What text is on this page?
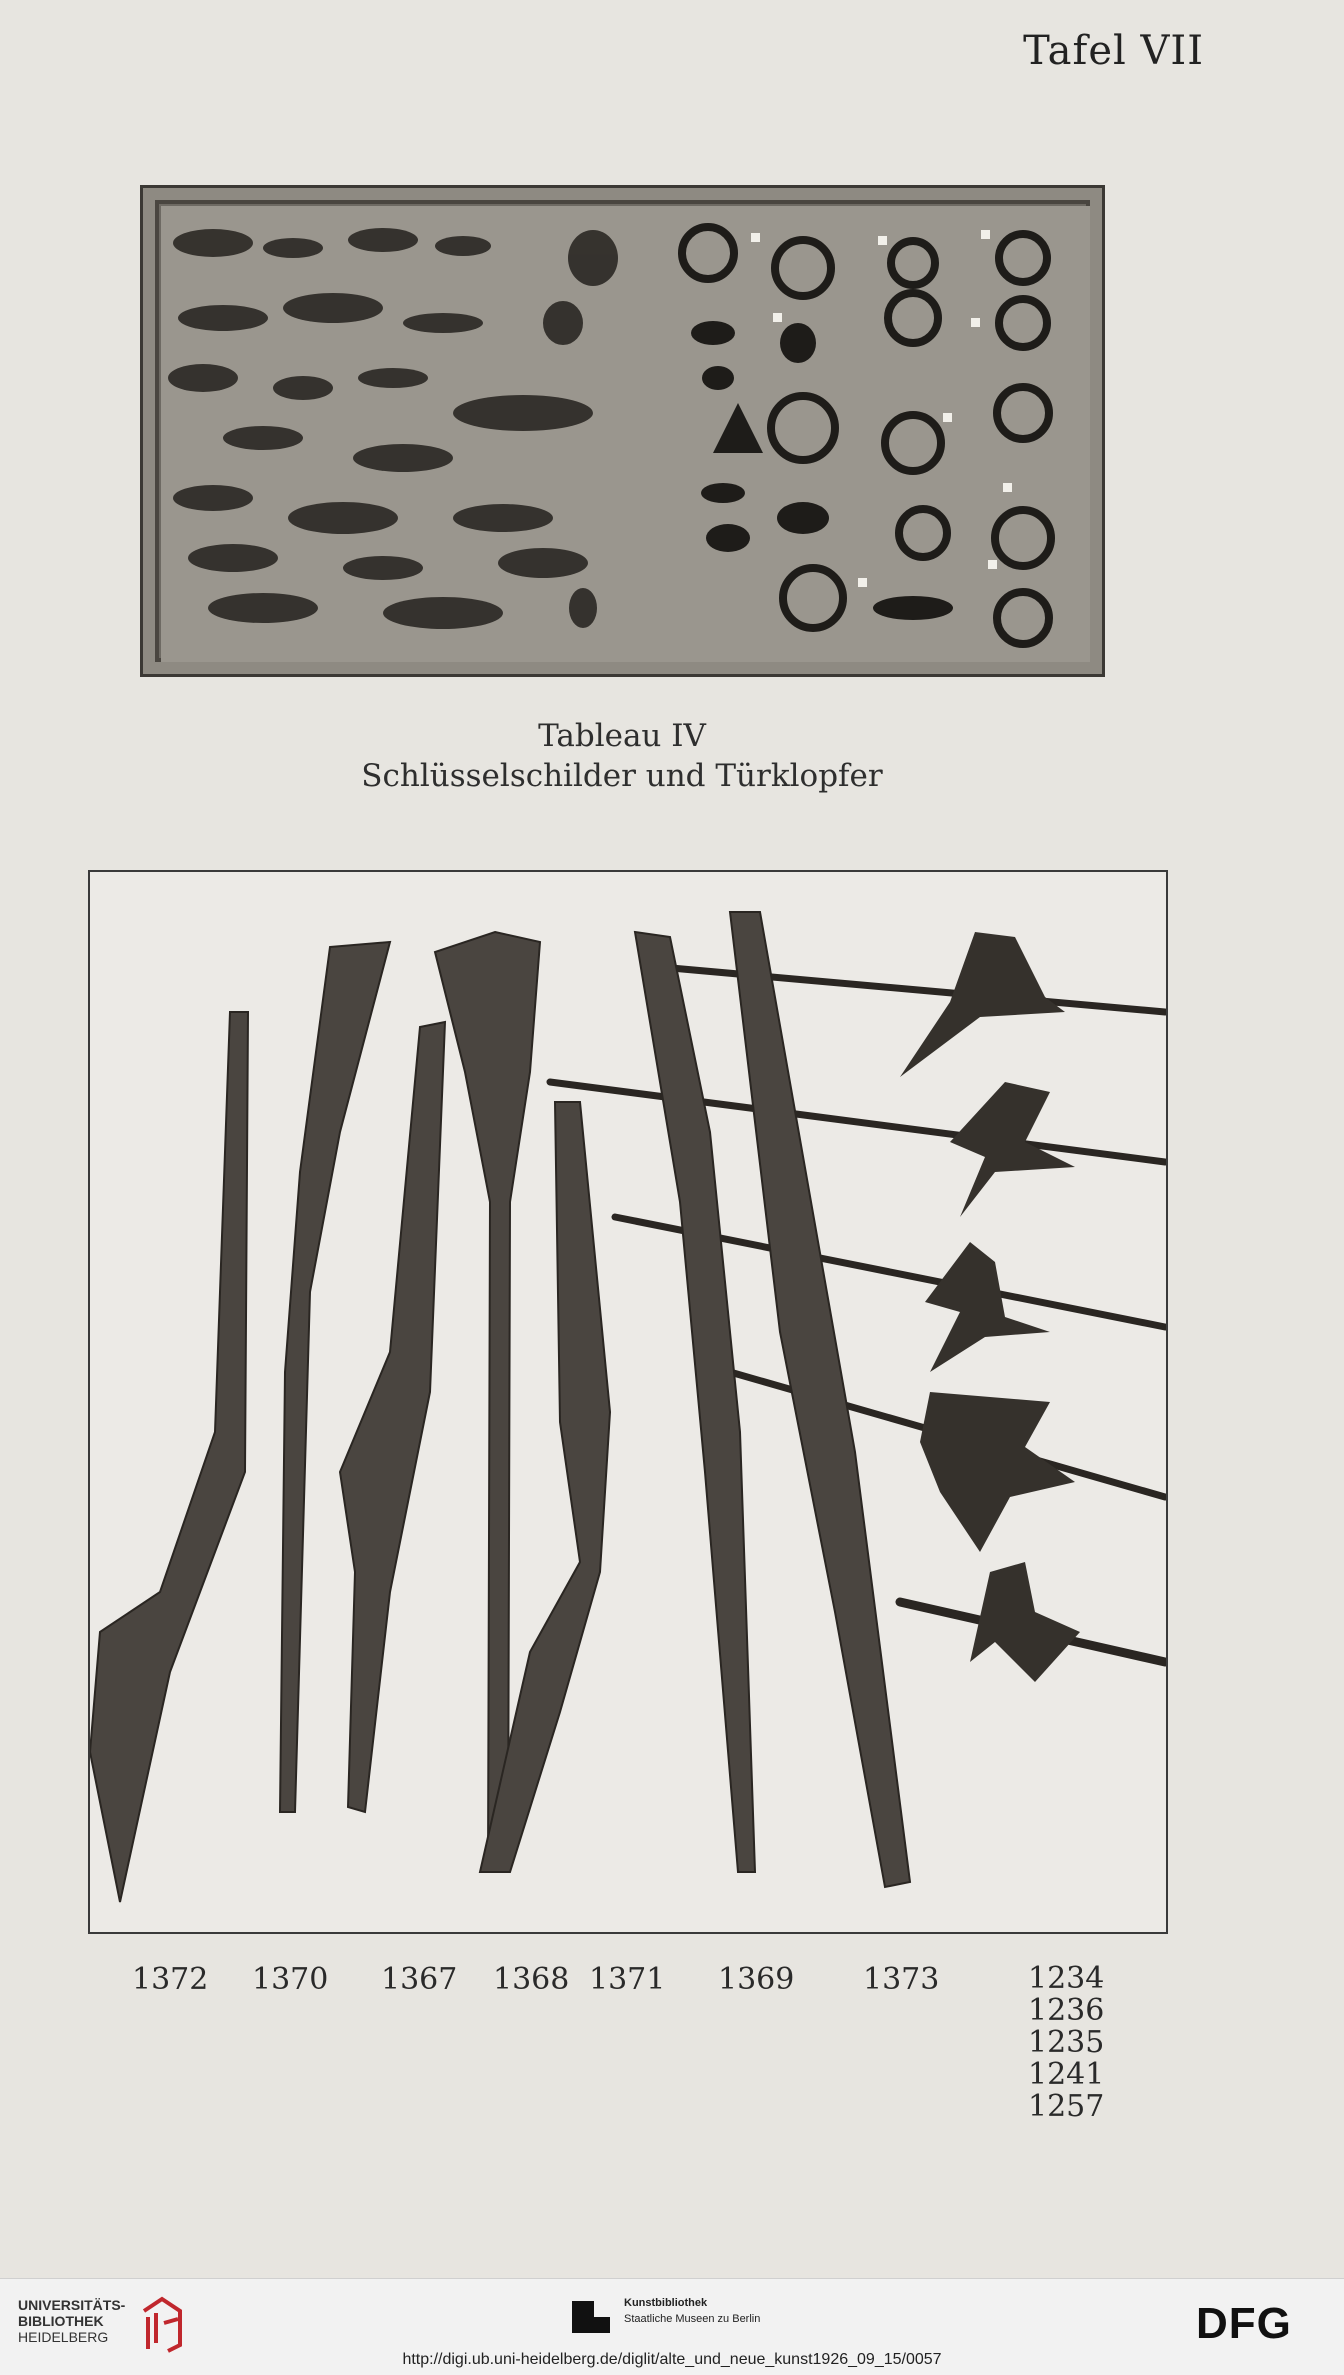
Tafel VII
Tableau IV
Schlüsselschilder und Türklopfer
1372 1370 1367 1368 1371 1369 1373	1234
1236
1235
1241
1257
UNIVERSITÄTS-
BIBLIOTHEK
HEIDELBERG
Kunstbibliothek
Staatliche Museen zu Berlin	DFG
http://digi.ub.uni-heidelberg.de/diglit/alte_und_neue_kunst1926_09_15/0057
